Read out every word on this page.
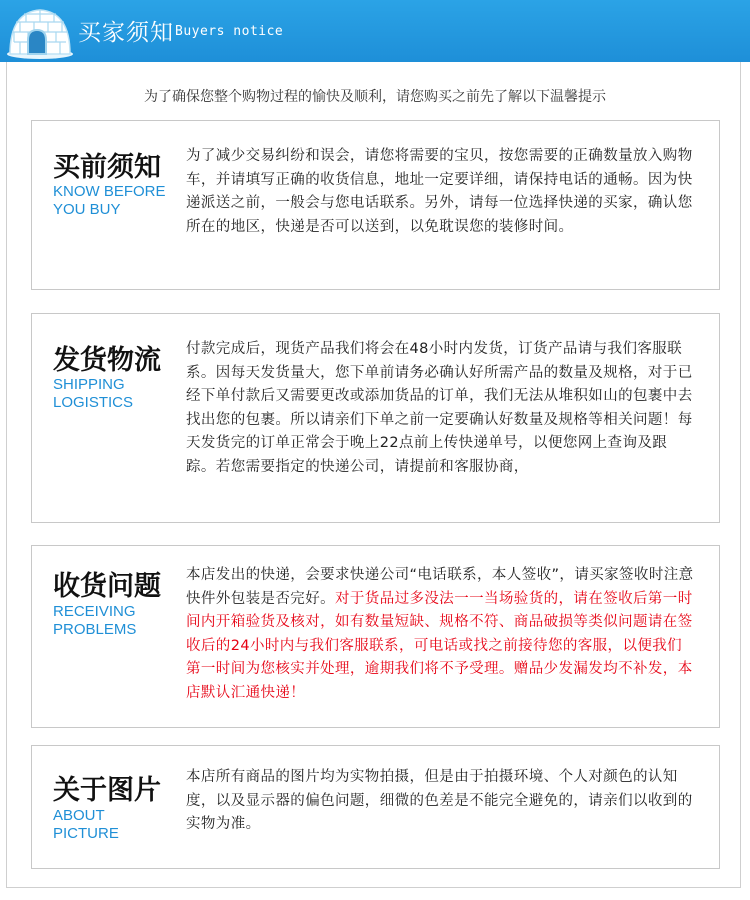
买家须知 Buyers notice
为了确保您整个购物过程的愉快及顺利，请您购买之前先了解以下温馨提示
买前须知
KNOW BEFORE
YOU BUY
为了减少交易纠纷和误会，请您将需要的宝贝，按您需要的正确数量放入购物车，并请填写正确的收货信息，地址一定要详细，请保持电话的通畅。因为快递派送之前，一般会与您电话联系。另外，请每一位选择快递的买家，确认您所在的地区，快递是否可以送到，以免耽误您的装修时间。
发货物流
SHIPPING
LOGISTICS
付款完成后，现货产品我们将会在48小时内发货，订货产品请与我们客服联系。因每天发货量大，您下单前请务必确认好所需产品的数量及规格，对于已经下单付款后又需要更改或添加货品的订单，我们无法从堆积如山的包裹中去找出您的包裹。所以请亲们下单之前一定要确认好数量及规格等相关问题！每天发货完的订单正常会于晚上22点前上传快递单号，以便您网上查询及跟踪。若您需要指定的快递公司，请提前和客服协商，
收货问题
RECEIVING
PROBLEMS
本店发出的快递，会要求快递公司“电话联系，本人签收”，请买家签收时注意快件外包装是否完好。对于货品过多没法一一当场验货的，请在签收后第一时间内开箱验货及核对，如有数量短缺、规格不符、商品破损等类似问题请在签收后的24小时内与我们客服联系，可电话或找之前接待您的客服，以便我们第一时间为您核实并处理，逾期我们将不予受理。赠品少发漏发均不补发，本店默认汇通快递！
关于图片
ABOUT
PICTURE
本店所有商品的图片均为实物拍摄，但是由于拍摄环境、个人对颜色的认知度，以及显示器的偏色问题，细微的色差是不能完全避免的，请亲们以收到的实物为准。
